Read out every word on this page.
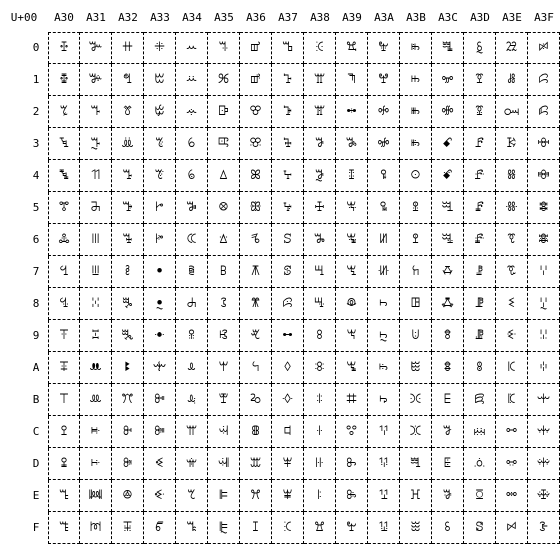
U+00	A30	A31	A32	A33	A34	A35	A36	A37	A38	A39	A3A	A3B	A3C	A3D	A3E	A3F
0	ꔀ	ꔐ	ꔠ	ꔰ	ꕀ	ꕐ	ꕠ	ꕰ	ꖀ	ꖐ	ꖠ	ꖰ	ꗀ	ꗐ	ꗠ	ꗰ
1	ꔁ	ꔑ	ꔡ	ꔱ	ꕁ	ꕑ	ꕡ	ꕱ	ꖁ	ꖑ	ꖡ	ꖱ	ꗁ	ꗑ	ꗡ	ꗱ
2	ꔂ	ꔒ	ꔢ	ꔲ	ꕂ	ꕒ	ꕢ	ꕲ	ꖂ	ꖒ	ꖢ	ꖲ	ꗂ	ꗒ	ꗢ	ꗲ
3	ꔃ	ꔓ	ꔣ	ꔳ	ꕃ	ꕓ	ꕣ	ꕳ	ꖃ	ꖓ	ꖣ	ꖳ	ꗃ	ꗓ	ꗣ	ꗳ
4	ꔄ	ꔔ	ꔤ	ꔴ	ꕄ	ꕔ	ꕤ	ꕴ	ꖄ	ꖔ	ꖤ	ꖴ	ꗄ	ꗔ	ꗤ	ꗴ
5	ꔅ	ꔕ	ꔥ	ꔵ	ꕅ	ꕕ	ꕥ	ꕵ	ꖅ	ꖕ	ꖥ	ꖵ	ꗅ	ꗕ	ꗥ	ꗵ
6	ꔆ	ꔖ	ꔦ	ꔶ	ꕆ	ꕖ	ꕦ	ꕶ	ꖆ	ꖖ	ꖦ	ꖶ	ꗆ	ꗖ	ꗦ	ꗶ
7	ꔇ	ꔗ	ꔧ	ꔷ	ꕇ	ꕗ	ꕧ	ꕷ	ꖇ	ꖗ	ꖧ	ꖷ	ꗇ	ꗗ	ꗧ	ꗷ
8	ꔈ	ꔘ	ꔨ	ꔸ	ꕈ	ꕘ	ꕨ	ꕸ	ꖈ	ꖘ	ꖨ	ꖸ	ꗈ	ꗘ	ꗨ	ꗸ
9	ꔉ	ꔙ	ꔩ	ꔹ	ꕉ	ꕙ	ꕩ	ꕹ	ꖉ	ꖙ	ꖩ	ꖹ	ꗉ	ꗙ	ꗩ	ꗹ
A	ꔊ	ꔚ	ꔪ	ꔺ	ꕊ	ꕚ	ꕪ	ꕺ	ꖊ	ꖚ	ꖪ	ꖺ	ꗊ	ꗚ	ꗪ	ꗺ
B	ꔋ	ꔛ	ꔫ	ꔻ	ꕋ	ꕛ	ꕫ	ꕻ	ꖋ	ꖛ	ꖫ	ꖻ	ꗋ	ꗛ	ꗫ	ꗻ
C	ꔌ	ꔜ	ꔬ	ꔼ	ꕌ	ꕜ	ꕬ	ꕼ	ꖌ	ꖜ	ꖬ	ꖼ	ꗌ	ꗜ	ꗬ	ꗼ
D	ꔍ	ꔝ	ꔭ	ꔽ	ꕍ	ꕝ	ꕭ	ꕽ	ꖍ	ꖝ	ꖭ	ꖽ	ꗍ	ꗝ	ꗭ	ꗽ
E	ꔎ	ꔞ	ꔮ	ꔾ	ꕎ	ꕞ	ꕮ	ꕾ	ꖎ	ꖞ	ꖮ	ꖾ	ꗎ	ꗞ	ꗮ	ꗾ
F	ꔏ	ꔟ	ꔯ	ꔿ	ꕏ	ꕟ	ꕯ	ꕿ	ꖏ	ꖟ	ꖯ	ꖿ	ꗏ	ꗟ	ꗯ	ꗿ
